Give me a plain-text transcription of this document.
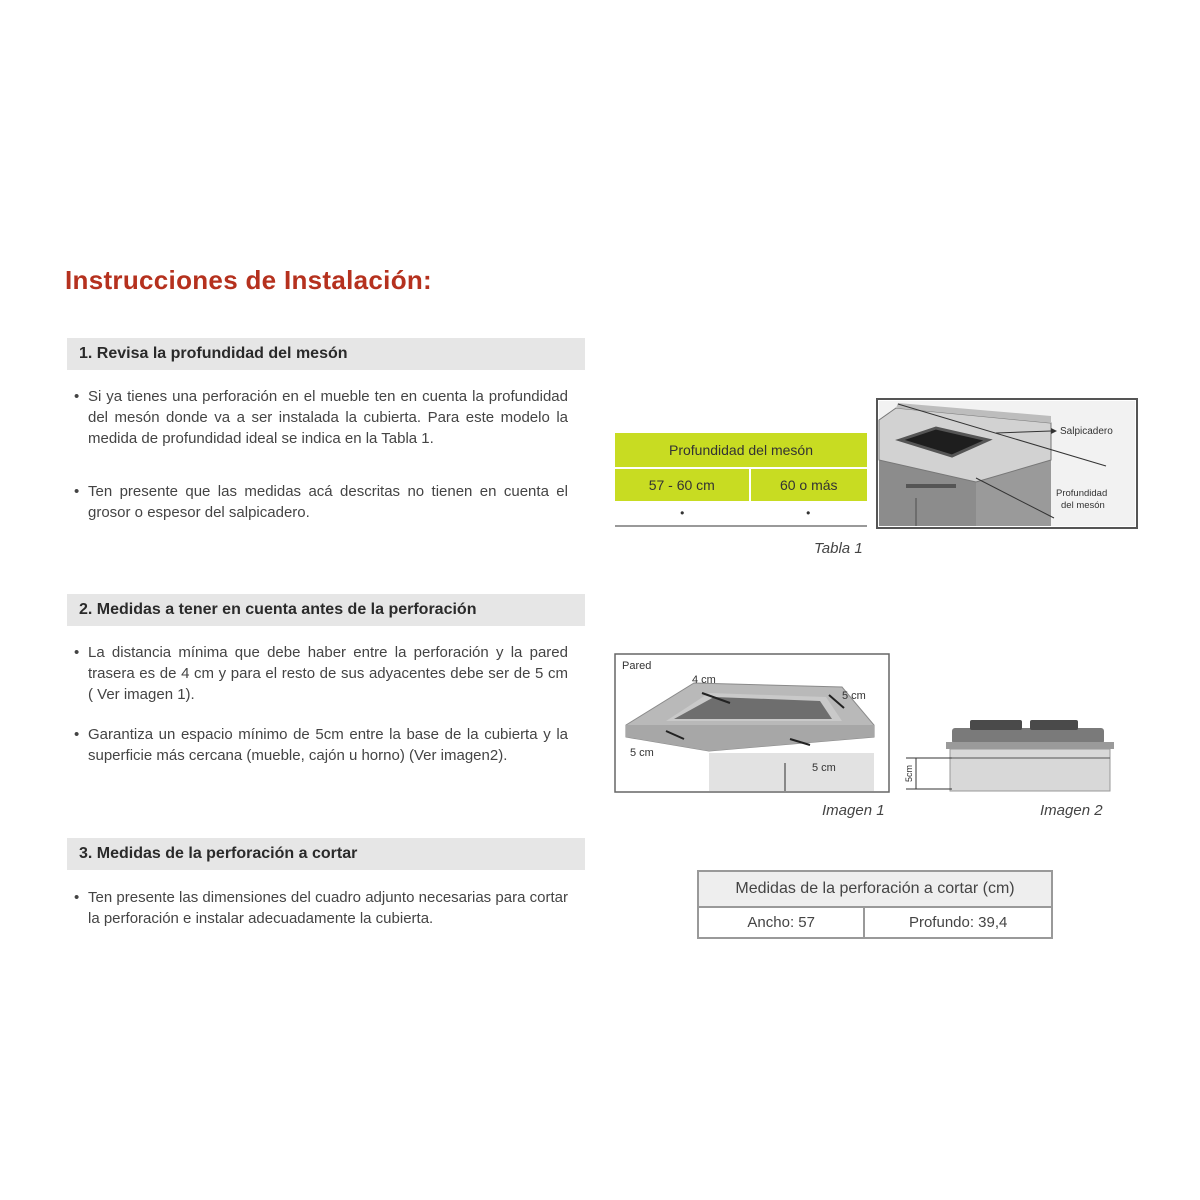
Instrucciones de Instalación:
1. Revisa la profundidad del mesón

• Si ya tienes una perforación en el mueble ten en cuenta la profundidad del mesón donde va a ser instalada la cubierta. Para este modelo la medida de profundidad ideal se indica en la Tabla 1.

• Ten presente que las medidas acá descritas no tienen en cuenta el grosor o espesor del salpicadero.

2. Medidas a tener en cuenta antes de la perforación

• La distancia mínima que debe haber entre la perforación y la pared trasera es de 4 cm y para el resto de sus adyacentes debe ser de 5 cm ( Ver imagen 1).

• Garantiza un espacio mínimo de 5cm entre la base de la cubierta y la superficie más cercana (mueble, cajón u horno) (Ver imagen2).

3. Medidas de la perforación a cortar

• Ten presente las dimensiones del cuadro adjunto necesarias para cortar la perforación e instalar adecuadamente la cubierta.

Profundidad del mesón	
57 - 60 cm	60 o más
•	•
Tabla 1
Salpicadero
Profundidad
del mesón
Pared
4 cm
5 cm
5 cm
5 cm
Imagen 1
5cm
Imagen 2
Medidas de la perforación a cortar (cm)
Ancho: 57	Profundo: 39,4
